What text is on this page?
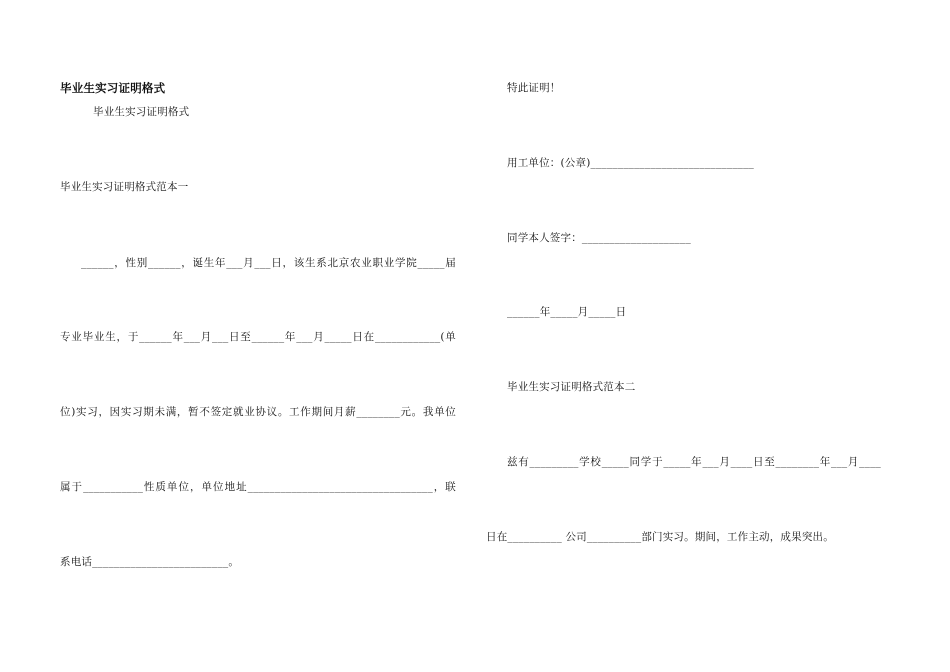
毕业生实习证明格式
毕业生实习证明格式
毕业生实习证明格式范本一
______，性别______，诞生年___月___日，该生系北京农业职业学院_____届
专业毕业生，于______年___月___日至______年___月_____日在____________(单
位)实习，因实习期未满，暂不签定就业协议。工作期间月薪________元。我单位
属于___________性质单位，单位地址__________________________________，联
系电话_________________________。
特此证明！
用工单位：(公章)______________________________
同学本人签字：____________________
______年_____月_____日
毕业生实习证明格式范本二
兹有_________学校_____同学于_____年___月____日至________年___月____
日在__________ 公司__________部门实习。期间，工作主动，成果突出。
